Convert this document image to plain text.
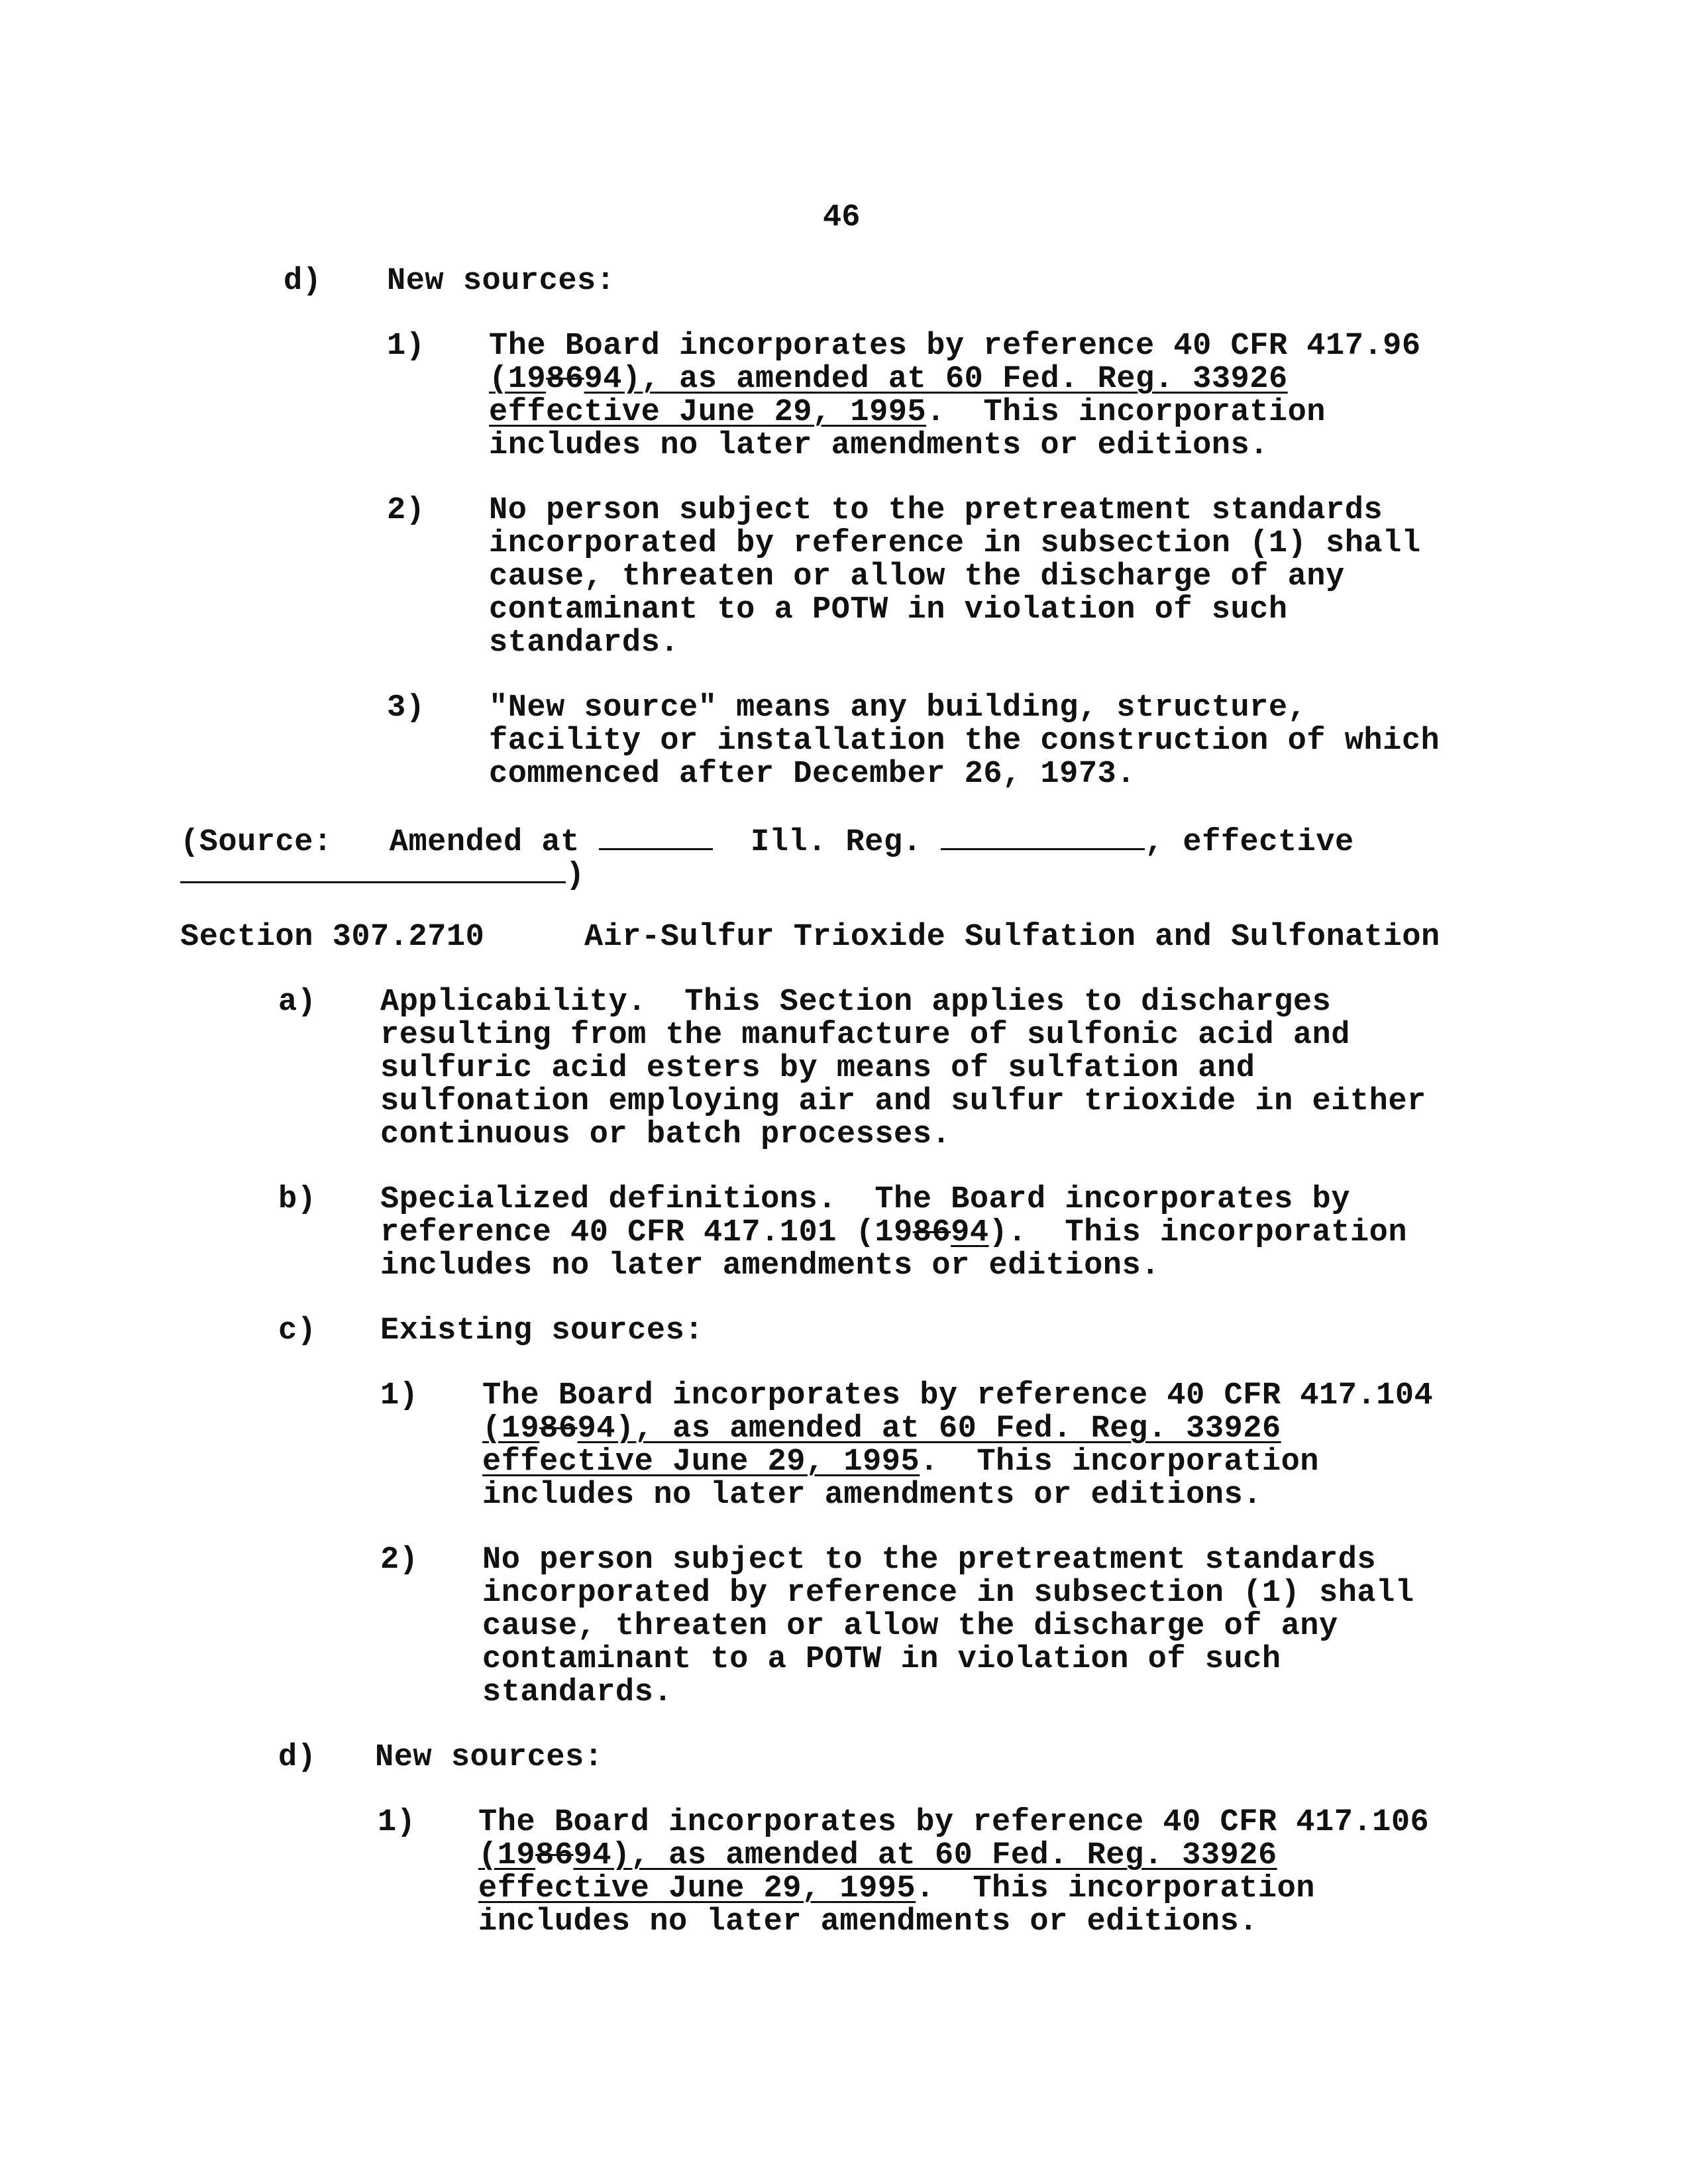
46
d) New sources:
1) The Board incorporates by reference 40 CFR 417.96
(198694), as amended at 60 Fed. Reg. 33926
effective June 29, 1995.  This incorporation
includes no later amendments or editions.
2) No person subject to the pretreatment standards
incorporated by reference in subsection (1) shall
cause, threaten or allow the discharge of any
contaminant to a POTW in violation of such
standards.
3) "New source" means any building, structure,
facility or installation the construction of which
commenced after December 26, 1973.
(Source: Amended at	Ill. Reg.	, effective
)
Section 307.2710	Air-Sulfur Trioxide Sulfation and Sulfonation
a) Applicability.  This Section applies to discharges
resulting from the manufacture of sulfonic acid and
sulfuric acid esters by means of sulfation and
sulfonation employing air and sulfur trioxide in either
continuous or batch processes.
b) Specialized definitions.  The Board incorporates by
reference 40 CFR 417.101 (198694).  This incorporation
includes no later amendments or editions.
c) Existing sources:
1) The Board incorporates by reference 40 CFR 417.104
(198694), as amended at 60 Fed. Reg. 33926
effective June 29, 1995.  This incorporation
includes no later amendments or editions.
2) No person subject to the pretreatment standards
incorporated by reference in subsection (1) shall
cause, threaten or allow the discharge of any
contaminant to a POTW in violation of such
standards.
d) New sources:
1) The Board incorporates by reference 40 CFR 417.106
(198694), as amended at 60 Fed. Reg. 33926
effective June 29, 1995.  This incorporation
includes no later amendments or editions.
